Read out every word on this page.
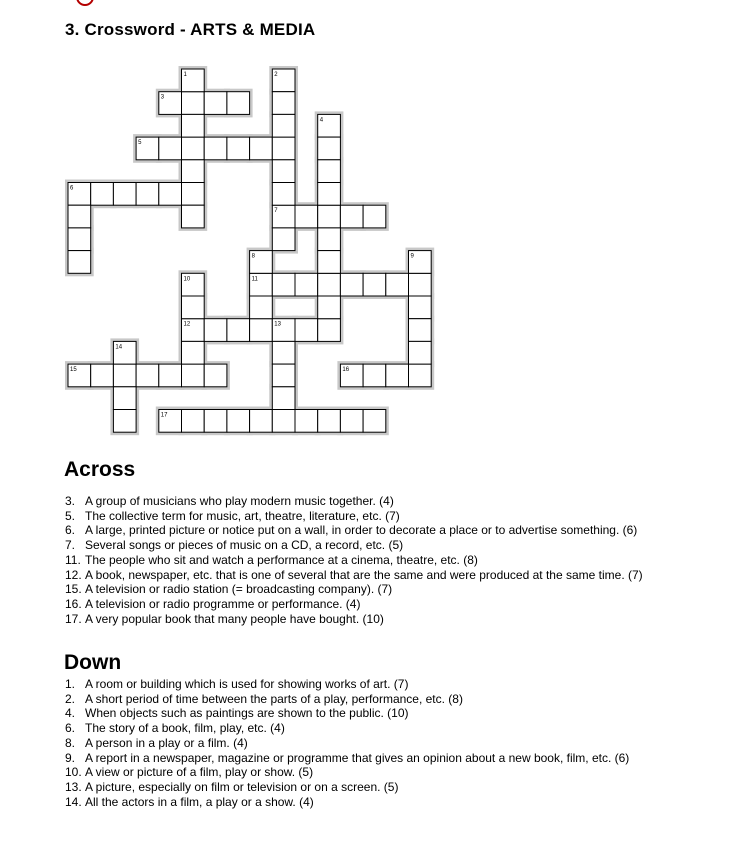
3. Crossword - ARTS & MEDIA
3
5
6
7
11
12
15	16
17
1	2
4
8	9
10
13
14
Across
3. A group of musicians who play modern music together. (4)
5. The collective term for music, art, theatre, literature, etc. (7)
6. A large, printed picture or notice put on a wall, in order to decorate a place or to advertise something. (6)
7. Several songs or pieces of music on a CD, a record, etc. (5)
11. The people who sit and watch a performance at a cinema, theatre, etc. (8)
12. A book, newspaper, etc. that is one of several that are the same and were produced at the same time. (7)
15. A television or radio station (= broadcasting company). (7)
16. A television or radio programme or performance. (4)
17. A very popular book that many people have bought. (10)
Down
1. A room or building which is used for showing works of art. (7)
2. A short period of time between the parts of a play, performance, etc. (8)
4. When objects such as paintings are shown to the public. (10)
6. The story of a book, film, play, etc. (4)
8. A person in a play or a film. (4)
9. A report in a newspaper, magazine or programme that gives an opinion about a new book, film, etc. (6)
10. A view or picture of a film, play or show. (5)
13. A picture, especially on film or television or on a screen. (5)
14. All the actors in a film, a play or a show. (4)
